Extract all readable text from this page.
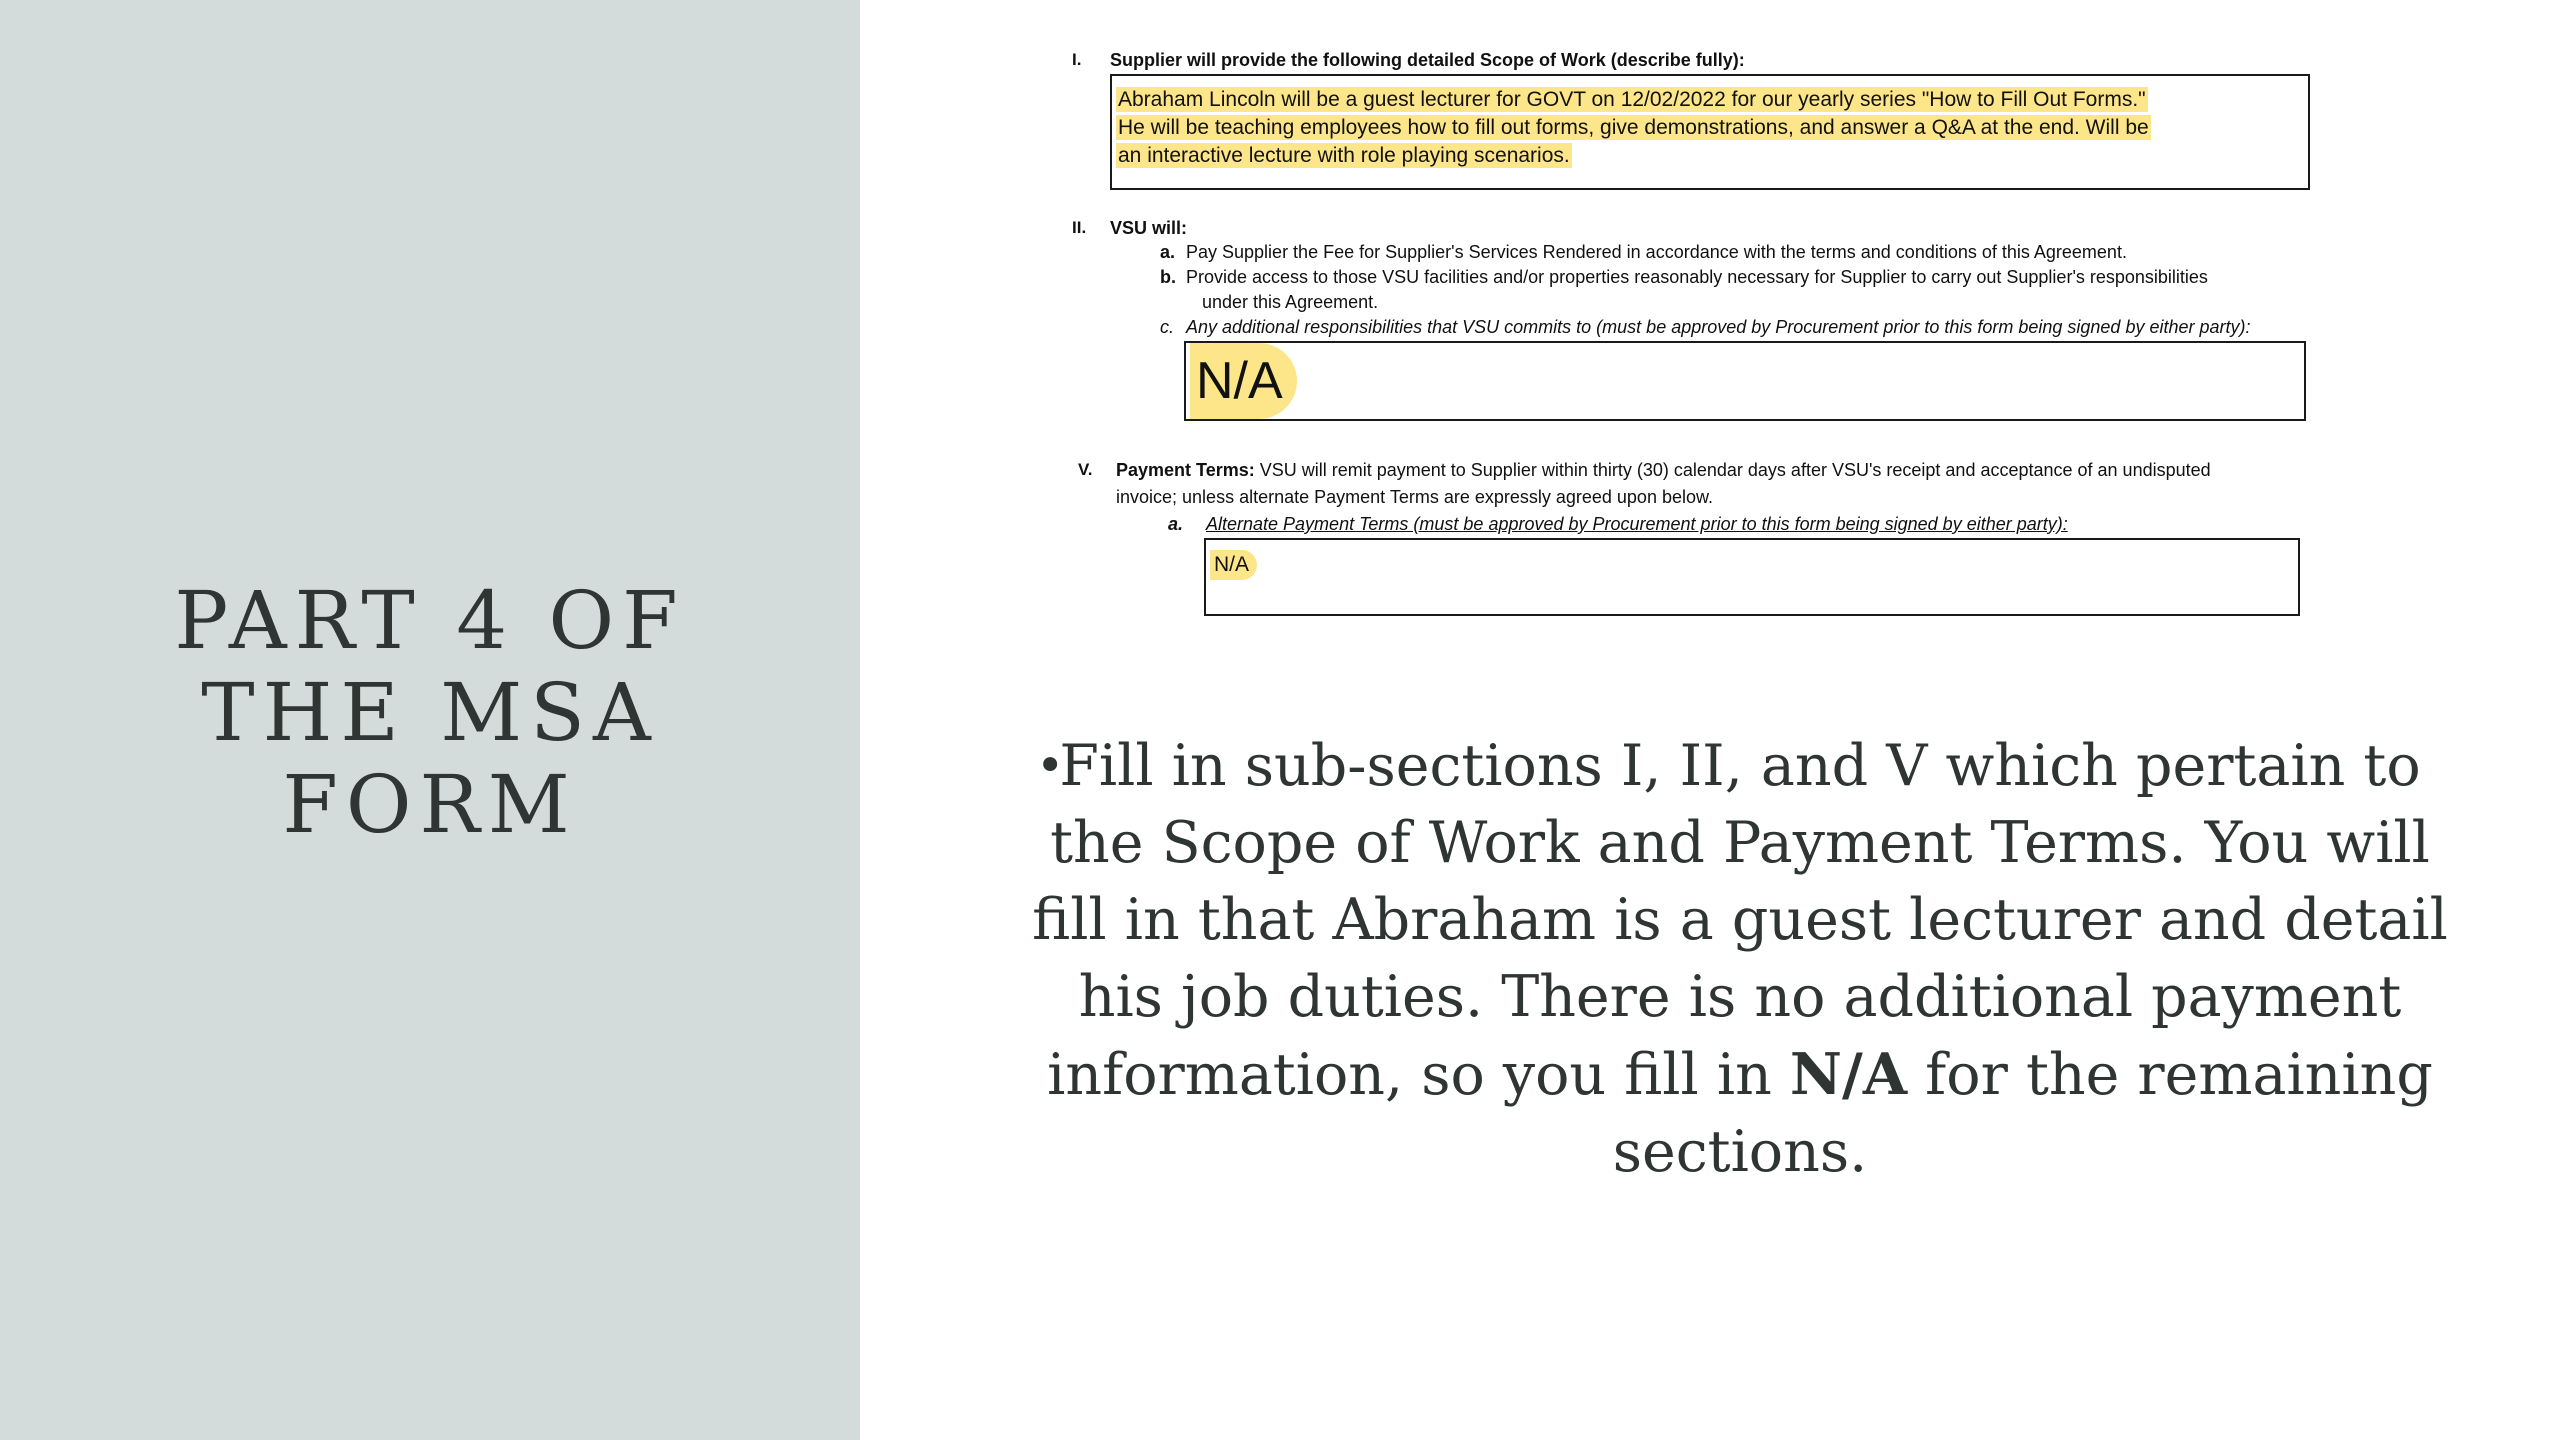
PART 4 OF
THE MSA
FORM
I. Supplier will provide the following detailed Scope of Work (describe fully):
Abraham Lincoln will be a guest lecturer for GOVT on 12/02/2022 for our yearly series "How to Fill Out Forms."
He will be teaching employees how to fill out forms, give demonstrations, and answer a Q&A at the end. Will be
an interactive lecture with role playing scenarios.
II. VSU will:
a. Pay Supplier the Fee for Supplier's Services Rendered in accordance with the terms and conditions of this Agreement.
b. Provide access to those VSU facilities and/or properties reasonably necessary for Supplier to carry out Supplier's responsibilities
under this Agreement.
c. Any additional responsibilities that VSU commits to (must be approved by Procurement prior to this form being signed by either party):
N/A
V. Payment Terms: VSU will remit payment to Supplier within thirty (30) calendar days after VSU's receipt and acceptance of an undisputed
invoice; unless alternate Payment Terms are expressly agreed upon below.
a. Alternate Payment Terms (must be approved by Procurement prior to this form being signed by either party):
N/A
•
Fill in sub-sections I, II, and V which pertain to the Scope of Work and Payment Terms. You will fill in that Abraham is a guest lecturer and detail his job duties. There is no additional payment information, so you fill in N/A for the remaining sections.
